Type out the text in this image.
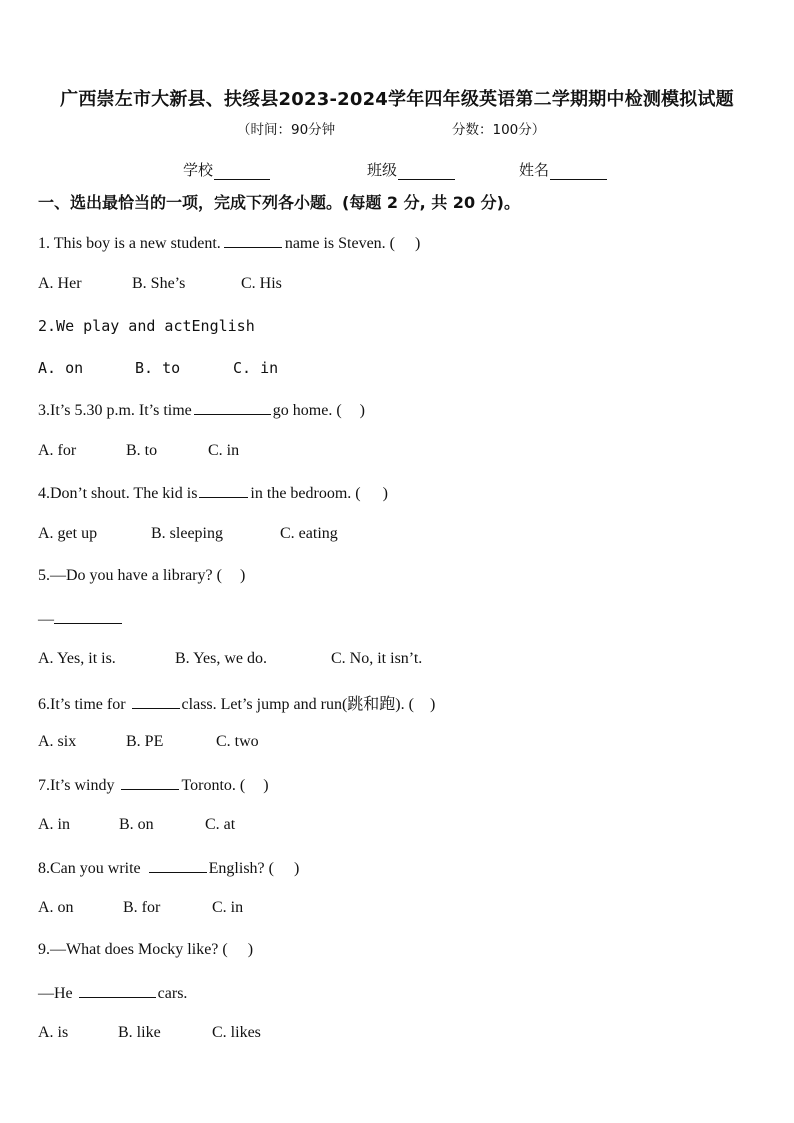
广西崇左市大新县、扶绥县2023-2024学年四年级英语第二学期期中检测模拟试题
（时间：90分钟	分数：100分）
学校	班级	姓名
一、选出最恰当的一项，完成下列各小题。(每题 2 分, 共 20 分)。
1. This boy is a new student.	name is Steven. ( )
A. Her	B. She’s	C. His
2.We play and actEnglish
A. on	B. to	C. in
3.It’s 5.30 p.m. It’s time	go home. ( )
A. for	B. to	C. in
4.Don’t shout. The kid is	in the bedroom. ( )
A. get up	B. sleeping	C. eating
5.—Do you have a library? ( )
—
A. Yes, it is.	B. Yes, we do.	C. No, it isn’t.
6.It’s time for	class. Let’s jump and run(跳和跑). ( )
A. six	B. PE	C. two
7.It’s windy	Toronto. ( )
A. in	B. on	C. at
8.Can you write	English? ( )
A. on	B. for	C. in
9.—What does Mocky like? ( )
—He	cars.
A. is	B. like	C. likes
